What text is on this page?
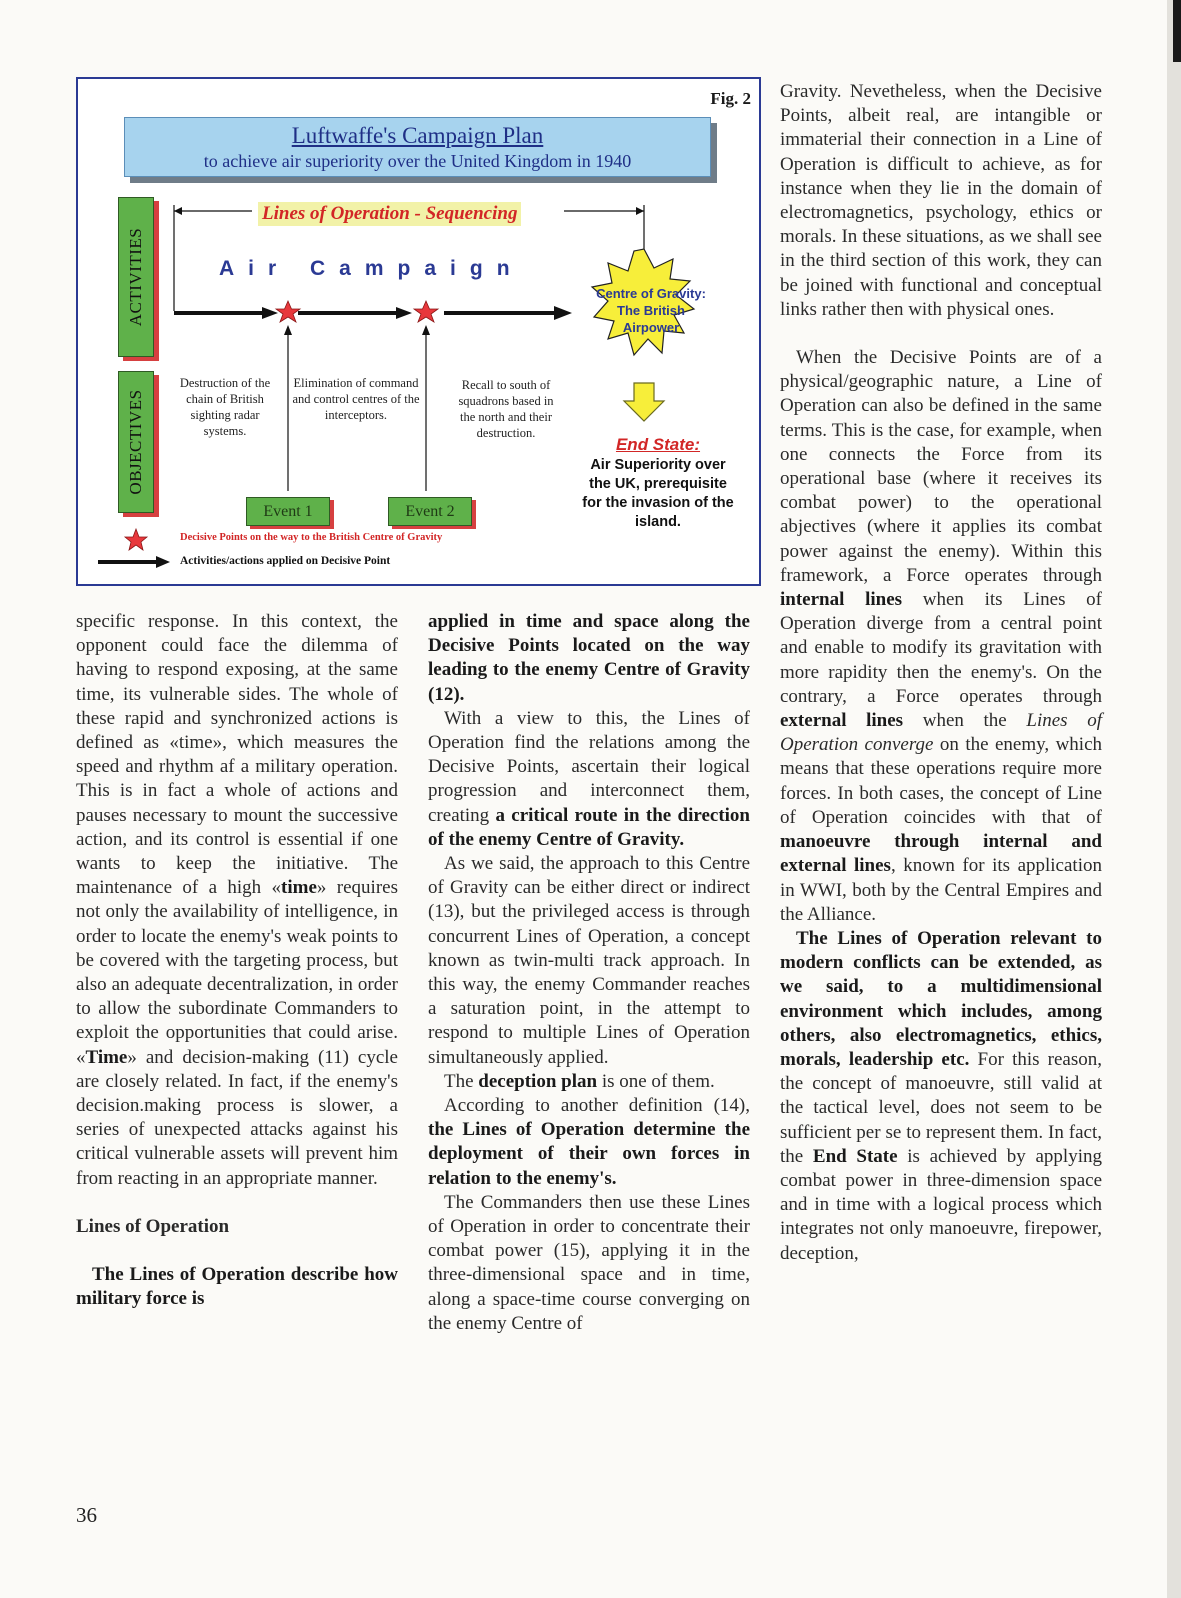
Fig. 2
Luftwaffe's Campaign Plan
to achieve air superiority over the United Kingdom in 1940
ACTIVITIES
OBJECTIVES
Lines of Operation - Sequencing
Air Campaign
Destruction of the chain of British sighting radar systems.
Elimination of command and control centres of the interceptors.
Recall to south of squadrons based in the north and their destruction.
Event 1	Event 2
Centre of Gravity: The British Airpower
End State:
Air Superiority over the UK, prerequisite for the invasion of the island.
Decisive Points on the way to the British Centre of Gravity
Activities/actions applied on Decisive Point

specific response. In this context, the opponent could face the dilemma of having to respond exposing, at the same time, its vulnerable sides. The whole of these rapid and synchronized actions is defined as «time», which measures the speed and rhythm af a military operation. This is in fact a whole of actions and pauses necessary to mount the successive action, and its control is essential if one wants to keep the initiative. The maintenance of a high «time» requires not only the availability of intelligence, in order to locate the enemy's weak points to be covered with the targeting process, but also an adequate decentralization, in order to allow the subordinate Commanders to exploit the opportunities that could arise. «Time» and decision-making (11) cycle are closely related. In fact, if the enemy's decision.making process is slower, a series of unexpected attacks against his critical vulnerable assets will prevent him from reacting in an appropriate manner.

Lines of Operation

The Lines of Operation describe how military force is

applied in time and space along the Decisive Points located on the way leading to the enemy Centre of Gravity (12).

With a view to this, the Lines of Operation find the relations among the Decisive Points, ascertain their logical progression and interconnect them, creating a critical route in the direction of the enemy Centre of Gravity.

As we said, the approach to this Centre of Gravity can be either direct or indirect (13), but the privileged access is through concurrent Lines of Operation, a concept known as twin-multi track approach. In this way, the enemy Commander reaches a saturation point, in the attempt to respond to multiple Lines of Operation simultaneously applied.

The deception plan is one of them.

According to another definition (14), the Lines of Operation determine the deployment of their own forces in relation to the enemy's.

The Commanders then use these Lines of Operation in order to concentrate their combat power (15), applying it in the three-dimensional space and in time, along a space-time course converging on the enemy Centre of

Gravity. Nevetheless, when the Decisive Points, albeit real, are intangible or immaterial their connection in a Line of Operation is difficult to achieve, as for instance when they lie in the domain of electromagnetics, psychology, ethics or morals. In these situations, as we shall see in the third section of this work, they can be joined with functional and conceptual links rather then with physical ones.

When the Decisive Points are of a physical/geographic nature, a Line of Operation can also be defined in the same terms. This is the case, for example, when one connects the Force from its operational base (where it receives its combat power) to the operational abjectives (where it applies its combat power against the enemy). Within this framework, a Force operates through internal lines when its Lines of Operation diverge from a central point and enable to modify its gravitation with more rapidity then the enemy's. On the contrary, a Force operates through external lines when the Lines of Operation converge on the enemy, which means that these operations require more forces. In both cases, the concept of Line of Operation coincides with that of manoeuvre through internal and external lines, known for its application in WWI, both by the Central Empires and the Alliance.

The Lines of Operation relevant to modern conflicts can be extended, as we said, to a multidimensional environment which includes, among others, also electromagnetics, ethics, morals, leadership etc. For this reason, the concept of manoeuvre, still valid at the tactical level, does not seem to be sufficient per se to represent them. In fact, the End State is achieved by applying combat power in three-dimension space and in time with a logical process which integrates not only manoeuvre, firepower, deception,

36
